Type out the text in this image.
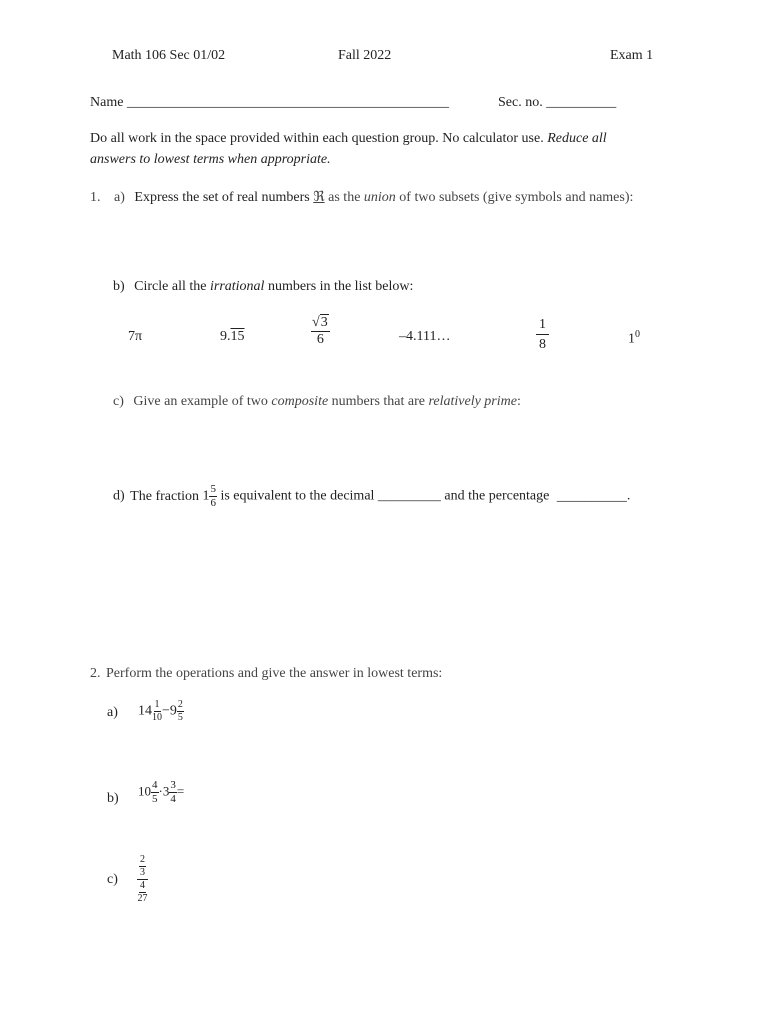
Math 106 Sec 01/02	Fall 2022	Exam 1
Name ______________________________________________	Sec. no. __________
Do all work in the space provided within each question group. No calculator use. Reduce all
answers to lowest terms when appropriate.
1. a) Express the set of real numbers ℜ as the union of two subsets (give symbols and names):
b) Circle all the irrational numbers in the list below:
7π	9.15	$\frac{√3}{6}$	–4.111…	$\frac{1}{8}$	$1^0$
c) Give an example of two composite numbers that are relatively prime:
d) The fraction $1 \frac{5}{6}$ is equivalent to the decimal _________ and the percentage __________.
2. Perform the operations and give the answer in lowest terms:
a) $14 \frac{1}{10} -9 \frac{2}{5}$
b)
$10 \frac{4}{5} \cdot 3 \frac{3}{4}$ =
$c) \frac{\frac{2}{3}}{\frac{4}{27}}$
